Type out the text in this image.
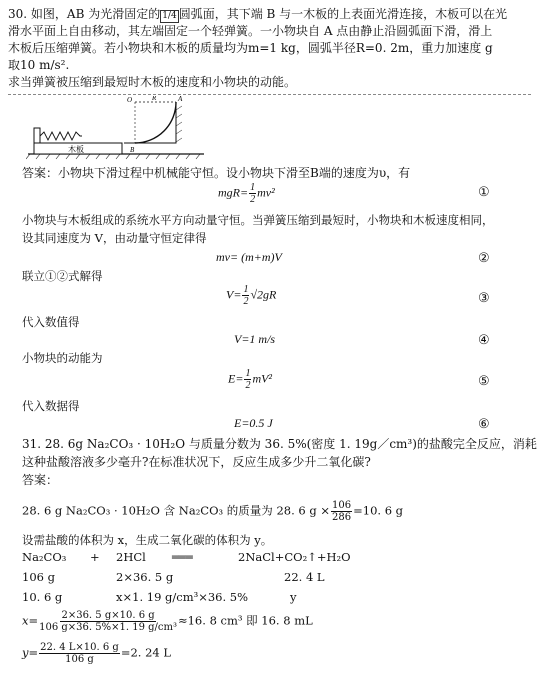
30. 如图，AB 为光滑固定的 1/4 圆弧面，其下端 B 与一木板的上表面光滑连接，木板可以在光
滑水平面上自由移动，其左端固定一个轻弹簧。一小物块自 A 点由静止沿圆弧面下滑，滑上
木板后压缩弹簧。若小物块和木板的质量均为m=1 kg，圆弧半径R=0. 2m，重力加速度 g
取10 m/s².
求当弹簧被压缩到最短时木板的速度和小物块的动能。
O	R	A
B
木板
答案：小物块下滑过程中机械能守恒。设小物块下滑至B端的速度为υ，有
$mgR= \frac{1}{2} mv^2$	①
小物块与木板组成的系统水平方向动量守恒。当弹簧压缩到最短时，小物块和木板速度相同，
设其同速度为 V，由动量守恒定律得
mv= (m+m)V	②
联立①②式解得
$V= \frac{1}{2} √2gR$	③
代入数值得
V=1 m/s	④
小物块的动能为
$E= \frac{1}{2} mV^2$	⑤
代入数据得
E=0.5 J	⑥
31. 28. 6g Na₂CO₃ · 10H₂O 与质量分数为 36. 5%(密度 1. 19g／cm³)的盐酸完全反应，消耗
这种盐酸溶液多少毫升?在标准状况下，反应生成多少升二氧化碳?
答案：
28. 6 g Na₂CO₃ · 10H₂O 含 Na₂CO₃ 的质量为 28. 6 $g \times \frac{106}{286} =10$. 6 g
设需盐酸的体积为 x，生成二氧化碳的体积为 y。
Na₂CO₃ + 2HCl ═══	2NaCl+CO₂↑+H₂O
106 g	2×36. 5 g	22. 4 L
10. 6 g	x×1. 19 g/cm³×36. 5%	y
$x= \frac{2\times 36. 5 g\times 10. 6 g}{\text{106 g×36. 5\%×1. 19 g/cm³}} \approx 16$. 8 cm³ 即 16. 8 mL
$y= \frac{22. 4 L\times 10. 6 g}{106 g} =2$. 24 L
